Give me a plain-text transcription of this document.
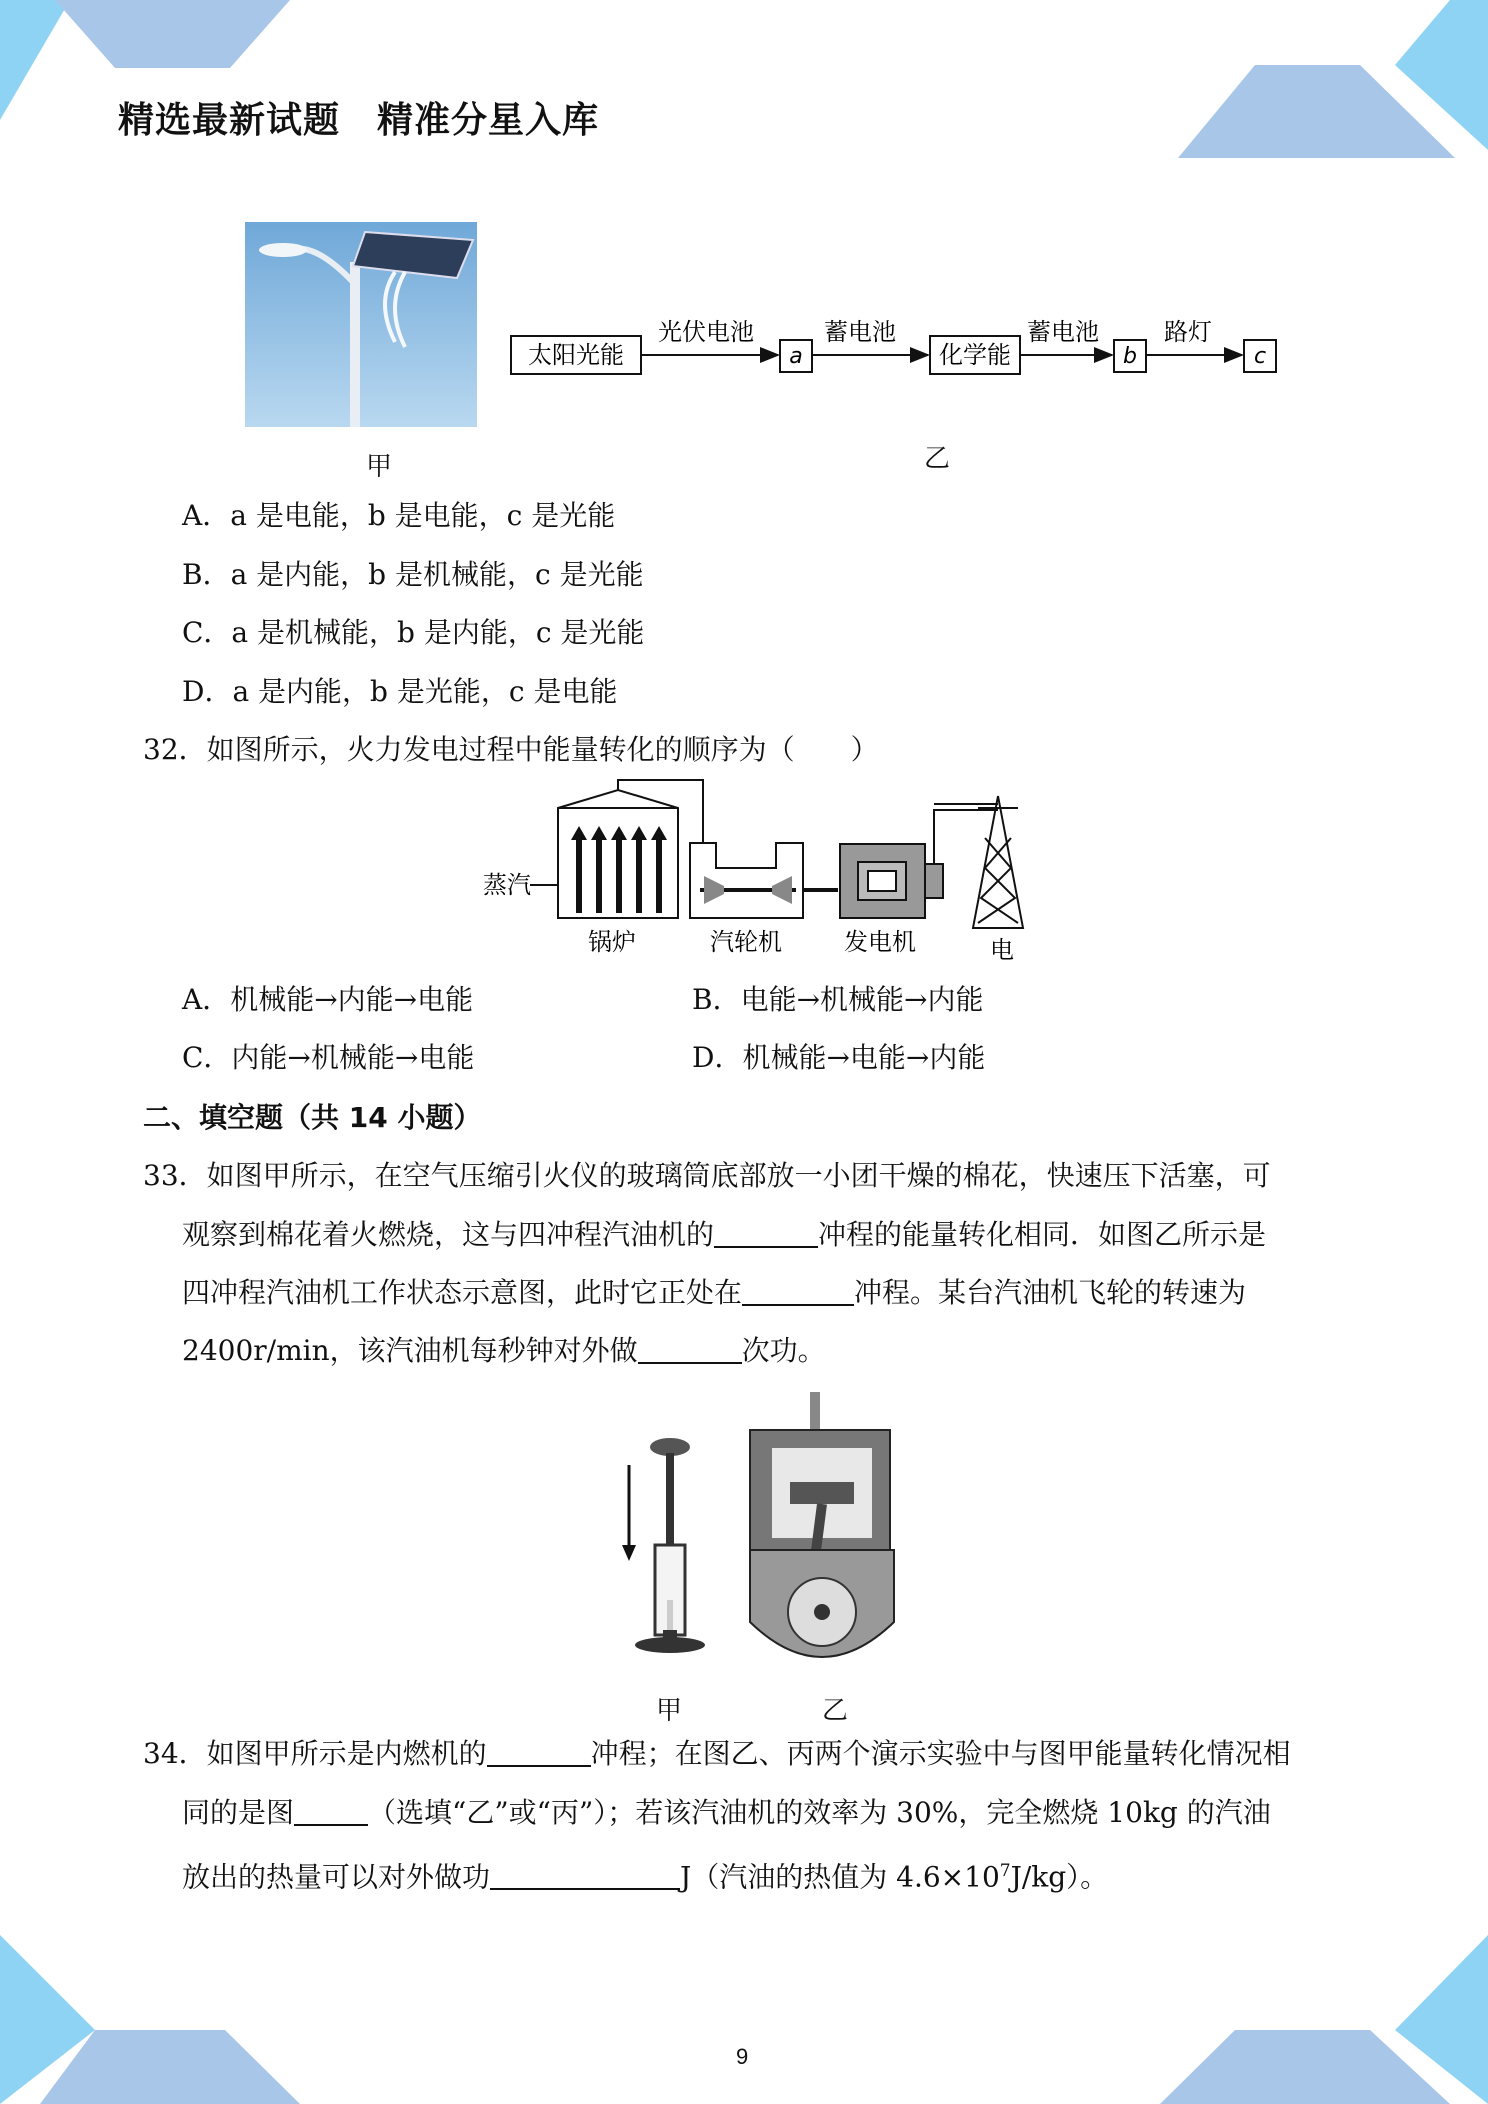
精选最新试题　精准分星入库
甲
太阳光能
光伏电池
a
蓄电池
化学能
蓄电池
b
路灯
c
乙
A．a 是电能，b 是电能，c 是光能
B．a 是内能，b 是机械能，c 是光能
C．a 是机械能，b 是内能，c 是光能
D．a 是内能，b 是光能，c 是电能
32．如图所示，火力发电过程中能量转化的顺序为（　　）
蒸汽
锅炉	汽轮机	发电机	电
A．机械能→内能→电能	B．电能→机械能→内能
C．内能→机械能→电能	D．机械能→电能→内能
二、填空题（共 14 小题）
33．如图甲所示，在空气压缩引火仪的玻璃筒底部放一小团干燥的棉花，快速压下活塞，可
观察到棉花着火燃烧，这与四冲程汽油机的	冲程的能量转化相同．如图乙所示是
四冲程汽油机工作状态示意图，此时它正处在	冲程。某台汽油机飞轮的转速为
2400r/min，该汽油机每秒钟对外做	次功。
甲	乙
34．如图甲所示是内燃机的	冲程；在图乙、丙两个演示实验中与图甲能量转化情况相
同的是图	（选填“乙”或“丙”）；若该汽油机的效率为 30%，完全燃烧 10kg 的汽油
放出的热量可以对外做功	J（汽油的热值为 $4.6\times 10^7J/kg$）。
9
